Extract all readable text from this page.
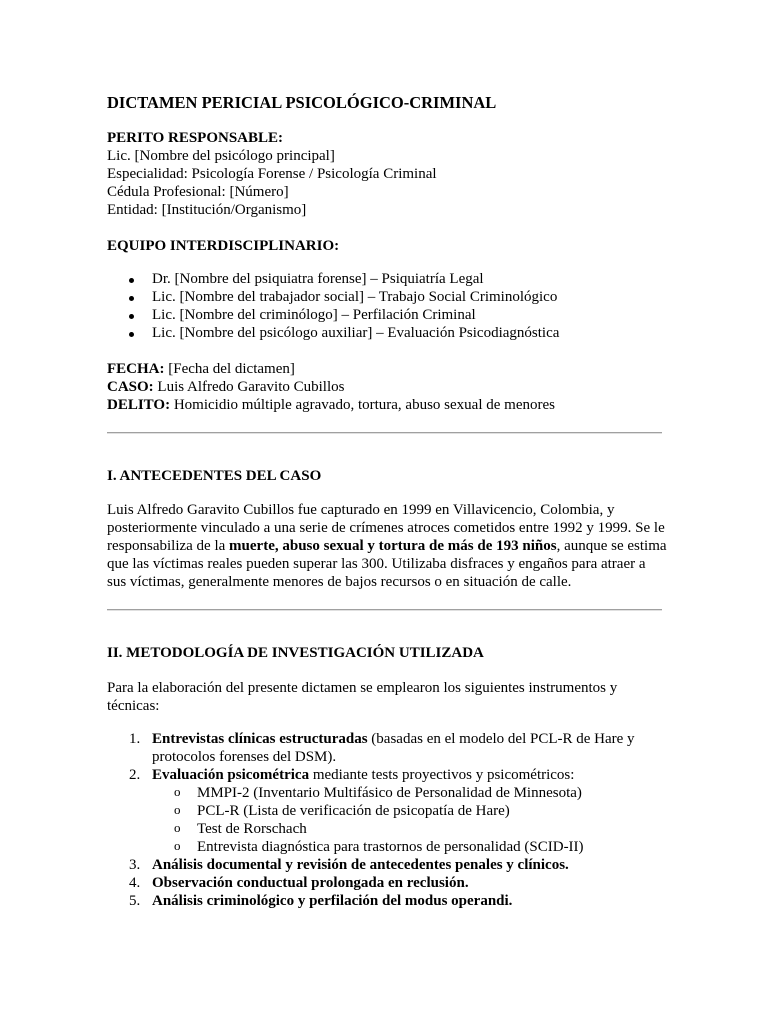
DICTAMEN PERICIAL PSICOLÓGICO-CRIMINAL
PERITO RESPONSABLE:
Lic. [Nombre del psicólogo principal]
Especialidad: Psicología Forense / Psicología Criminal
Cédula Profesional: [Número]
Entidad: [Institución/Organismo]
EQUIPO INTERDISCIPLINARIO:
Dr. [Nombre del psiquiatra forense] – Psiquiatría Legal
Lic. [Nombre del trabajador social] – Trabajo Social Criminológico
Lic. [Nombre del criminólogo] – Perfilación Criminal
Lic. [Nombre del psicólogo auxiliar] – Evaluación Psicodiagnóstica
FECHA: [Fecha del dictamen]
CASO: Luis Alfredo Garavito Cubillos
DELITO: Homicidio múltiple agravado, tortura, abuso sexual de menores
I. ANTECEDENTES DEL CASO

Luis Alfredo Garavito Cubillos fue capturado en 1999 en Villavicencio, Colombia, y posteriormente vinculado a una serie de crímenes atroces cometidos entre 1992 y 1999. Se le responsabiliza de la muerte, abuso sexual y tortura de más de 193 niños, aunque se estima que las víctimas reales pueden superar las 300. Utilizaba disfraces y engaños para atraer a sus víctimas, generalmente menores de bajos recursos o en situación de calle.

II. METODOLOGÍA DE INVESTIGACIÓN UTILIZADA

Para la elaboración del presente dictamen se emplearon los siguientes instrumentos y técnicas:

1. Entrevistas clínicas estructuradas (basadas en el modelo del PCL-R de Hare y protocolos forenses del DSM).
2. Evaluación psicométrica mediante tests proyectivos y psicométricos:
o MMPI-2 (Inventario Multifásico de Personalidad de Minnesota)
o PCL-R (Lista de verificación de psicopatía de Hare)
o Test de Rorschach
o Entrevista diagnóstica para trastornos de personalidad (SCID-II)
3. Análisis documental y revisión de antecedentes penales y clínicos.
4. Observación conductual prolongada en reclusión.
5. Análisis criminológico y perfilación del modus operandi.
